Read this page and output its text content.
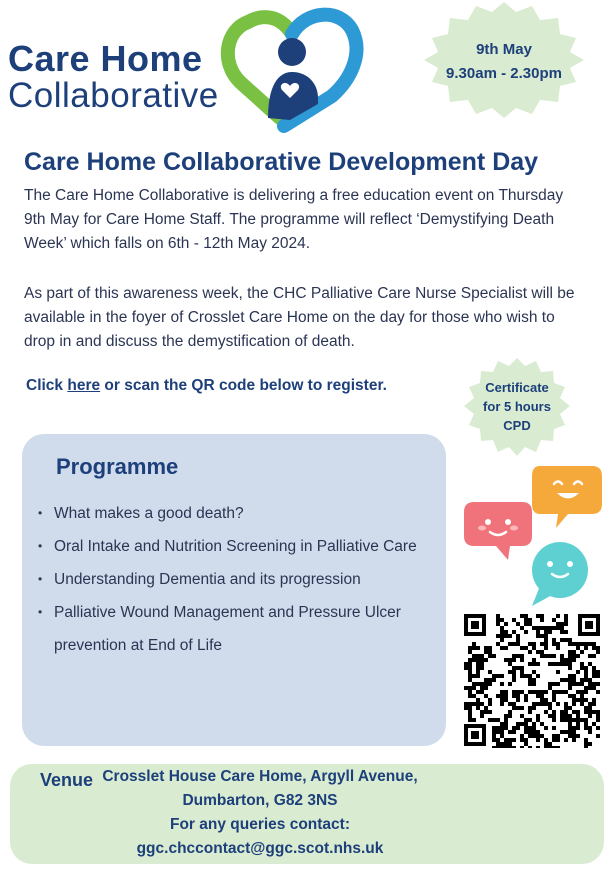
Care Home
Collaborative
9th May
9.30am - 2.30pm
Care Home Collaborative Development Day

The Care Home Collaborative is delivering a free education event on Thursday 9th May for Care Home Staff. The programme will reflect ‘Demystifying Death Week’ which falls on 6th - 12th May 2024.

As part of this awareness week, the CHC Palliative Care Nurse Specialist will be available in the foyer of Crosslet Care Home on the day for those who wish to drop in and discuss the demystification of death.

Click here or scan the QR code below to register.	Certificate
for 5 hours
CPD
Programme
• What makes a good death?
• Oral Intake and Nutrition Screening in Palliative Care
• Understanding Dementia and its progression
• Palliative Wound Management and Pressure Ulcer prevention at End of Life
Venue Crosslet House Care Home, Argyll Avenue,
Dumbarton, G82 3NS
For any queries contact:
ggc.chccontact@ggc.scot.nhs.uk
